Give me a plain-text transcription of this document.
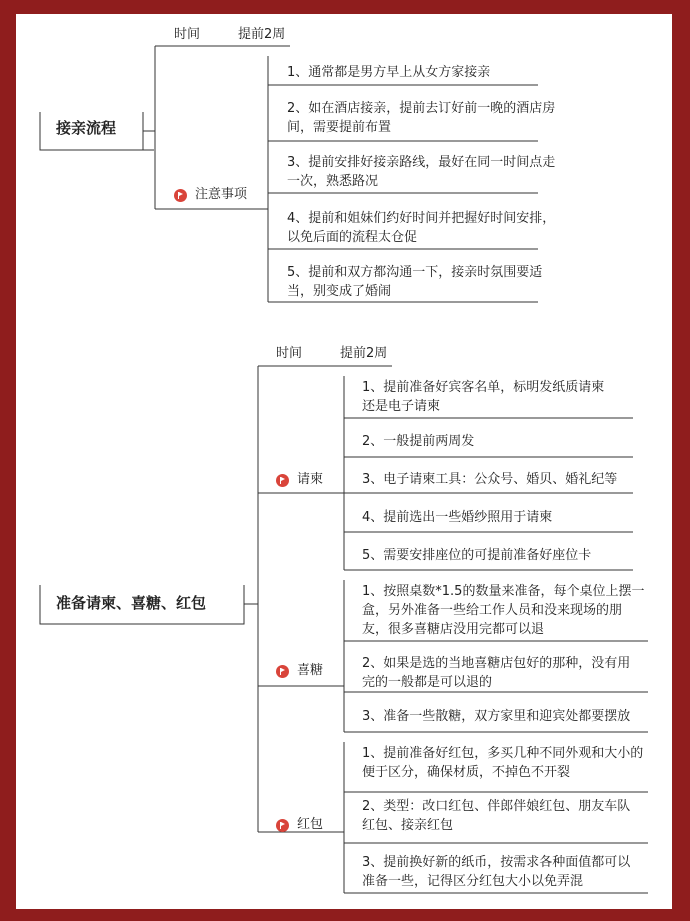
时间	提前2周
接亲流程
注意事项
1、通常都是男方早上从女方家接亲
2、如在酒店接亲，提前去订好前一晚的酒店房
间，需要提前布置
3、提前安排好接亲路线，最好在同一时间点走
一次，熟悉路况
4、提前和姐妹们约好时间并把握好时间安排，
以免后面的流程太仓促
5、提前和双方都沟通一下，接亲时氛围要适
当，别变成了婚闹
时间	提前2周
准备请柬、喜糖、红包
请柬
喜糖
红包
1、提前准备好宾客名单，标明发纸质请柬
还是电子请柬
2、一般提前两周发
3、电子请柬工具：公众号、婚贝、婚礼纪等
4、提前选出一些婚纱照用于请柬
5、需要安排座位的可提前准备好座位卡
1、按照桌数*1.5的数量来准备，每个桌位上摆一
盒，另外准备一些给工作人员和没来现场的朋
友，很多喜糖店没用完都可以退
2、如果是选的当地喜糖店包好的那种，没有用
完的一般都是可以退的
3、准备一些散糖，双方家里和迎宾处都要摆放
1、提前准备好红包，多买几种不同外观和大小的
便于区分，确保材质，不掉色不开裂
2、类型：改口红包、伴郎伴娘红包、朋友车队
红包、接亲红包
3、提前换好新的纸币，按需求各种面值都可以
准备一些，记得区分红包大小以免弄混
